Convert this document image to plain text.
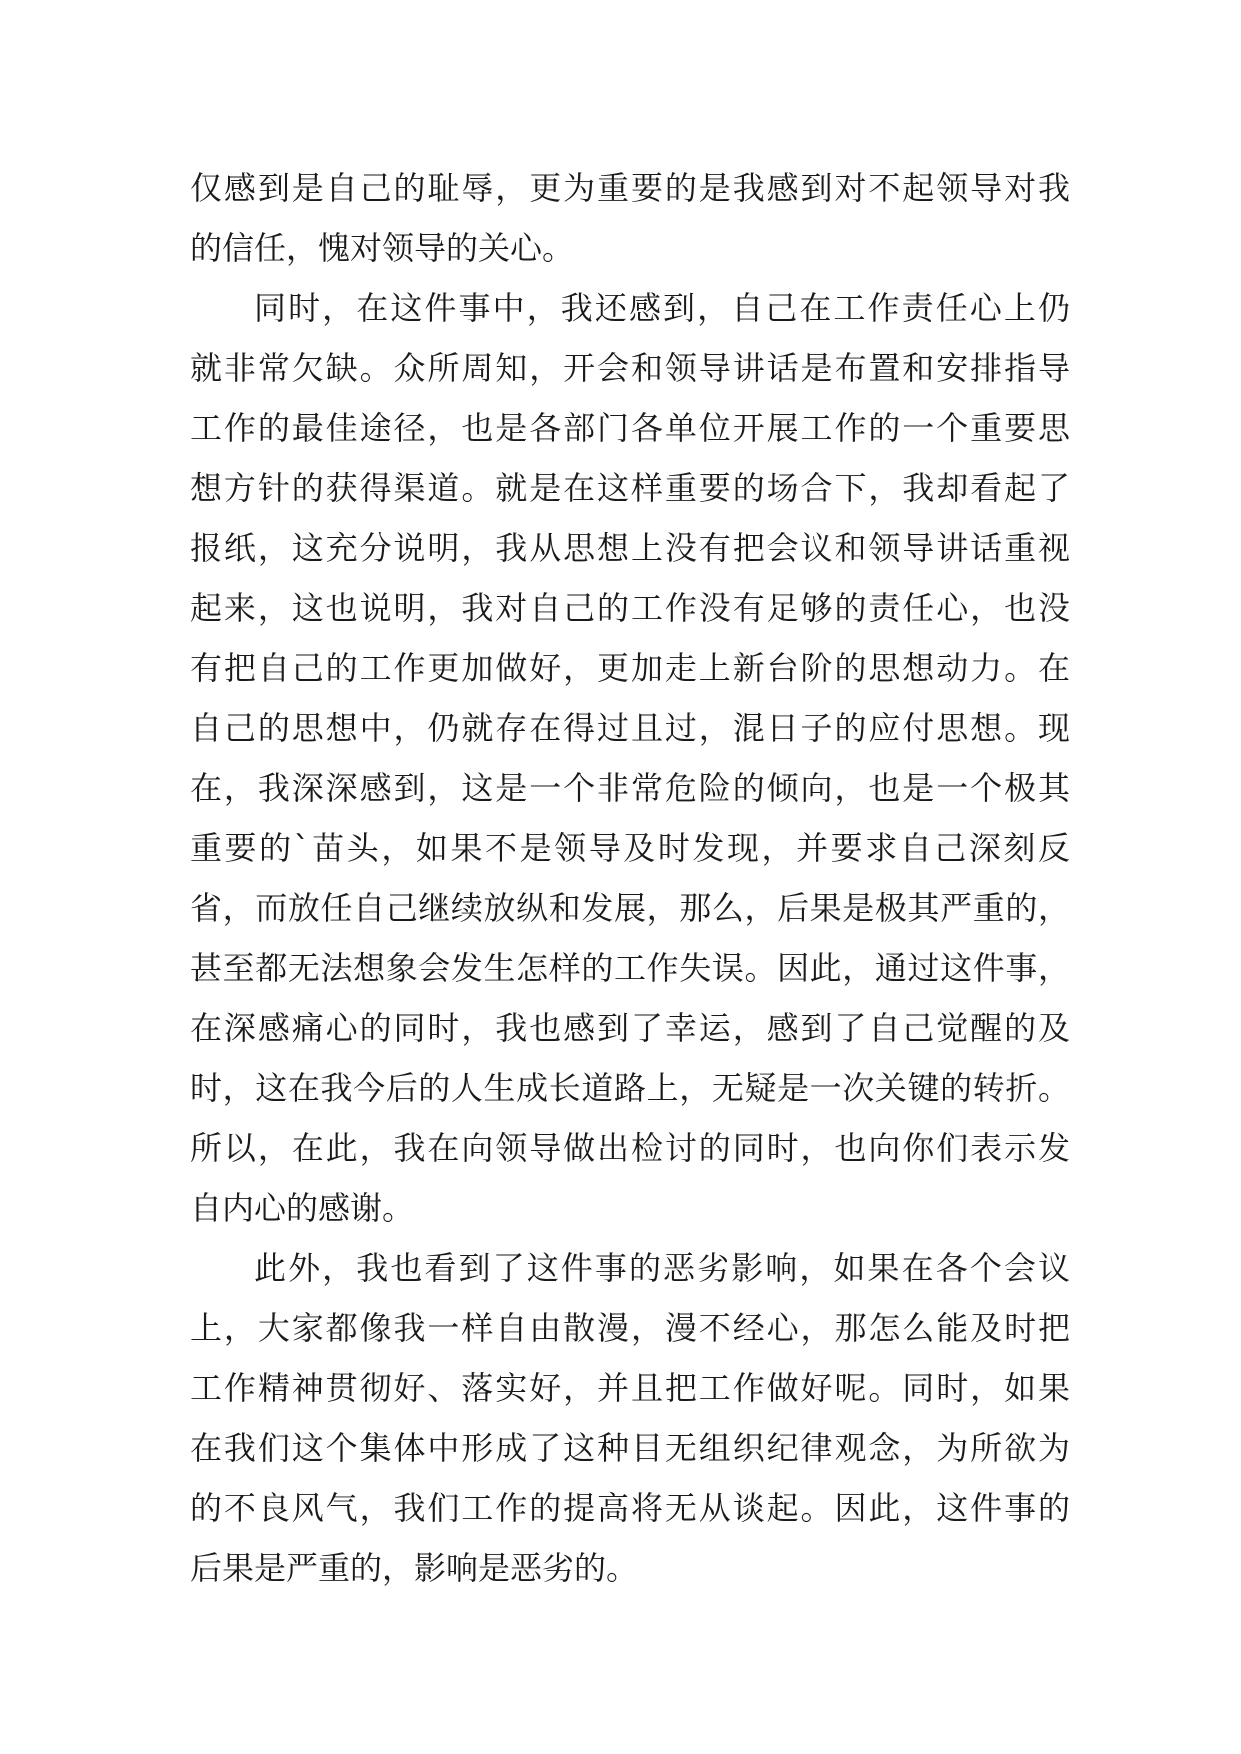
仅感到是自己的耻辱，更为重要的是我感到对不起领导对我
的信任，愧对领导的关心。
同时，在这件事中，我还感到，自己在工作责任心上仍
就非常欠缺。众所周知，开会和领导讲话是布置和安排指导
工作的最佳途径，也是各部门各单位开展工作的一个重要思
想方针的获得渠道。就是在这样重要的场合下，我却看起了
报纸，这充分说明，我从思想上没有把会议和领导讲话重视
起来，这也说明，我对自己的工作没有足够的责任心，也没
有把自己的工作更加做好，更加走上新台阶的思想动力。在
自己的思想中，仍就存在得过且过，混日子的应付思想。现
在，我深深感到，这是一个非常危险的倾向，也是一个极其
重要的`苗头，如果不是领导及时发现，并要求自己深刻反
省，而放任自己继续放纵和发展，那么，后果是极其严重的，
甚至都无法想象会发生怎样的工作失误。因此，通过这件事，
在深感痛心的同时，我也感到了幸运，感到了自己觉醒的及
时，这在我今后的人生成长道路上，无疑是一次关键的转折。
所以，在此，我在向领导做出检讨的同时，也向你们表示发
自内心的感谢。
此外，我也看到了这件事的恶劣影响，如果在各个会议
上，大家都像我一样自由散漫，漫不经心，那怎么能及时把
工作精神贯彻好、落实好，并且把工作做好呢。同时，如果
在我们这个集体中形成了这种目无组织纪律观念，为所欲为
的不良风气，我们工作的提高将无从谈起。因此，这件事的
后果是严重的，影响是恶劣的。
